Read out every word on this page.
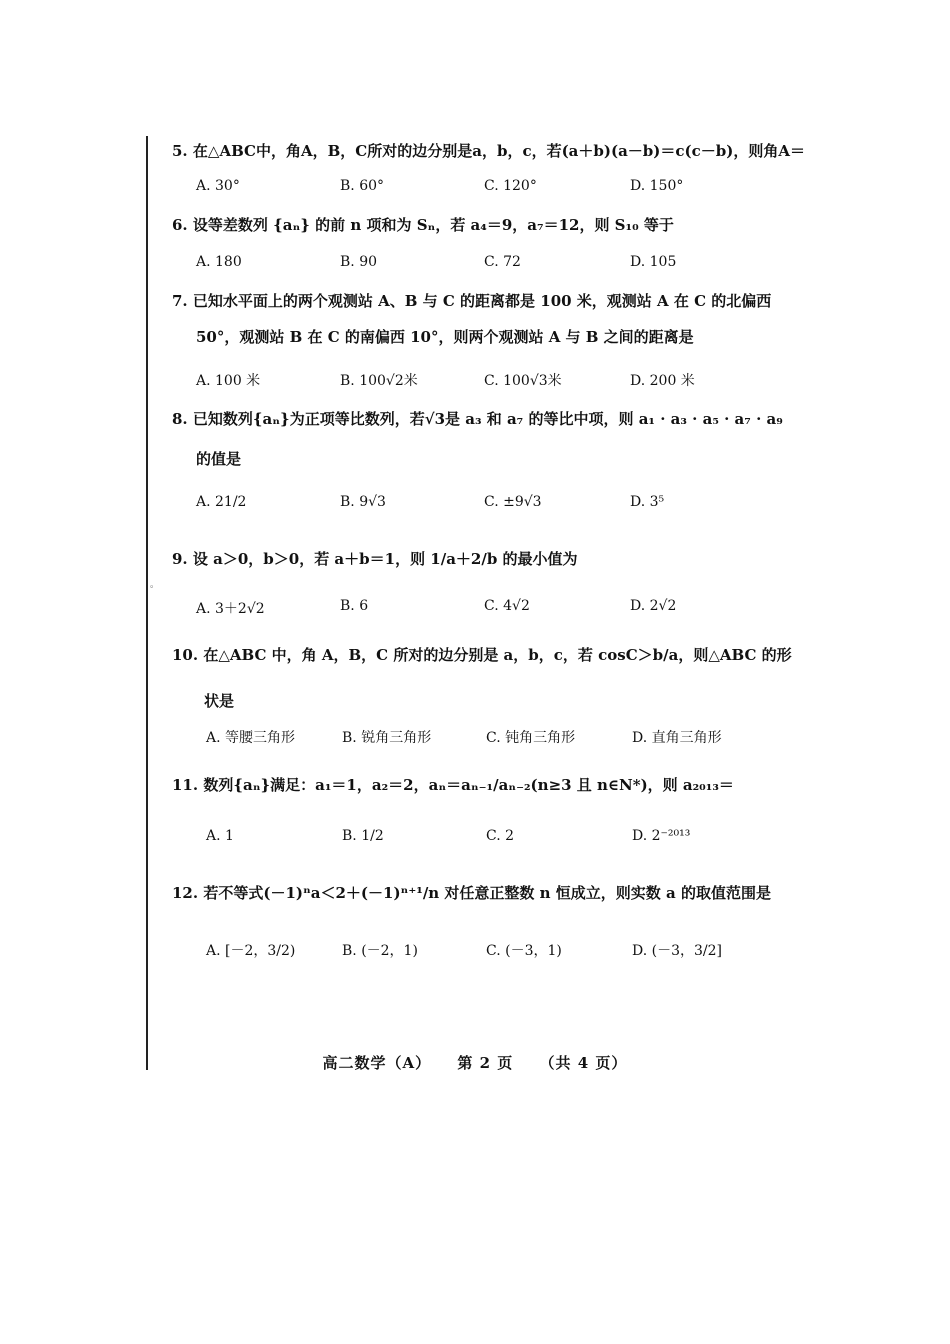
。
5. 在△ABC中，角A，B，C所对的边分别是a，b，c，若(a＋b)(a－b)＝c(c－b)，则角A＝
A. 30°	B. 60°	C. 120°	D. 150°
6. 设等差数列 {aₙ} 的前 n 项和为 Sₙ，若 a₄＝9，a₇＝12，则 S₁₀ 等于
A. 180	B. 90	C. 72	D. 105
7. 已知水平面上的两个观测站 A、B 与 C 的距离都是 100 米，观测站 A 在 C 的北偏西
50°，观测站 B 在 C 的南偏西 10°，则两个观测站 A 与 B 之间的距离是
A. 100 米	B. 100√2米	C. 100√3米	D. 200 米
8. 已知数列{aₙ}为正项等比数列，若√3是 a₃ 和 a₇ 的等比中项，则 a₁ · a₃ · a₅ · a₇ · a₉
的值是
A. 21/2	B. 9√3	C. ±9√3	D. 3⁵
9. 设 a＞0，b＞0，若 a＋b＝1，则 1/a＋2/b 的最小值为
A. 3＋2√2	B. 6	C. 4√2	D. 2√2
10. 在△ABC 中，角 A，B，C 所对的边分别是 a，b，c，若 cosC＞b/a，则△ABC 的形
状是
A. 等腰三角形	B. 锐角三角形	C. 钝角三角形	D. 直角三角形
11. 数列{aₙ}满足：a₁＝1，a₂＝2，aₙ＝aₙ₋₁/aₙ₋₂(n≥3 且 n∈N*)，则 a₂₀₁₃＝
A. 1	B. 1/2	C. 2	D. 2⁻²⁰¹³
12. 若不等式(－1)ⁿa＜2＋(－1)ⁿ⁺¹/n 对任意正整数 n 恒成立，则实数 a 的取值范围是
A. [－2，3/2)	B. (－2，1)	C. (－3，1)	D. (－3，3/2]
高二数学（A） 第 2 页 （共 4 页）
